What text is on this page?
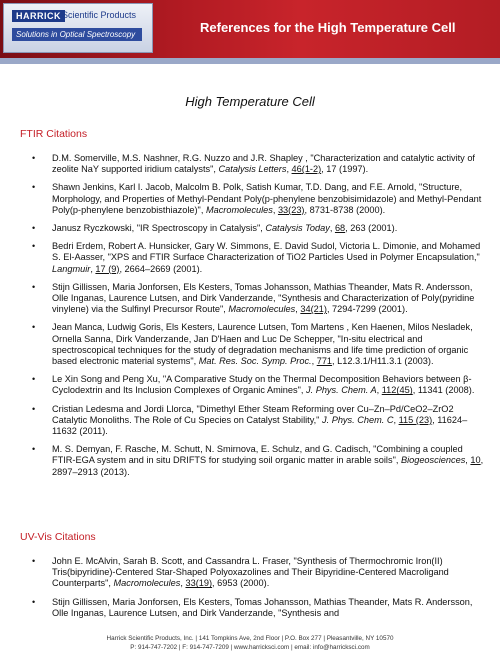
HARRICK Scientific Products
Solutions in Optical Spectroscopy	References for the High Temperature Cell
High Temperature Cell
FTIR Citations
• D.M. Somerville, M.S. Nashner, R.G. Nuzzo and J.R. Shapley , "Characterization and catalytic activity of zeolite NaY supported iridium catalysts", Catalysis Letters, 46(1-2), 17 (1997).
• Shawn Jenkins, Karl I. Jacob, Malcolm B. Polk, Satish Kumar, T.D. Dang, and F.E. Arnold, "Structure, Morphology, and Properties of Methyl-Pendant Poly(p-phenylene benzobisimidazole) and Methyl-Pendant Poly(p-phenylene benzobisthiazole)", Macromolecules, 33(23), 8731-8738 (2000).
• Janusz Ryczkowski, "IR Spectroscopy in Catalysis", Catalysis Today, 68, 263 (2001).
• Bedri Erdem, Robert A. Hunsicker, Gary W. Simmons, E. David Sudol, Victoria L. Dimonie, and Mohamed S. El-Aasser, "XPS and FTIR Surface Characterization of TiO2 Particles Used in Polymer Encapsulation," Langmuir, 17 (9), 2664–2669 (2001).
• Stijn Gillissen, Maria Jonforsen, Els Kesters, Tomas Johansson, Mathias Theander, Mats R. Andersson, Olle Inganas, Laurence Lutsen, and Dirk Vanderzande, "Synthesis and Characterization of Poly(pyridine vinylene) via the Sulfinyl Precursor Route", Macromolecules, 34(21), 7294-7299 (2001).
• Jean Manca, Ludwig Goris, Els Kesters, Laurence Lutsen, Tom Martens , Ken Haenen, Milos Nesladek, Ornella Sanna, Dirk Vanderzande, Jan D'Haen and Luc De Schepper, "In-situ electrical and spectroscopical techniques for the study of degradation mechanisms and life time prediction of organic based electronic material systems", Mat. Res. Soc. Symp. Proc., 771, L12.3.1/H11.3.1 (2003).
• Le Xin Song and Peng Xu, "A Comparative Study on the Thermal Decomposition Behaviors between β-Cyclodextrin and Its Inclusion Complexes of Organic Amines", J. Phys. Chem. A, 112(45), 11341 (2008).
• Cristian Ledesma and Jordi Llorca, "Dimethyl Ether Steam Reforming over Cu–Zn–Pd/CeO2–ZrO2 Catalytic Monoliths. The Role of Cu Species on Catalyst Stability," J. Phys. Chem. C, 115 (23), 11624–11632 (2011).
• M. S. Demyan, F. Rasche, M. Schutt, N. Smirnova, E. Schulz, and G. Cadisch, "Combining a coupled FTIR-EGA system and in situ DRIFTS for studying soil organic matter in arable soils", Biogeosciences, 10, 2897–2913 (2013).
UV-Vis Citations
• John E. McAlvin, Sarah B. Scott, and Cassandra L. Fraser, "Synthesis of Thermochromic Iron(II) Tris(bipyridine)-Centered Star-Shaped Polyoxazolines and Their Bipyridine-Centered Macroligand Counterparts", Macromolecules, 33(19), 6953 (2000).
• Stijn Gillissen, Maria Jonforsen, Els Kesters, Tomas Johansson, Mathias Theander, Mats R. Andersson, Olle Inganas, Laurence Lutsen, and Dirk Vanderzande, "Synthesis and
Harrick Scientific Products, Inc. | 141 Tompkins Ave, 2nd Floor | P.O. Box 277 | Pleasantville, NY 10570
P: 914-747-7202 | F: 914-747-7209 | www.harricksci.com | email: info@harricksci.com
